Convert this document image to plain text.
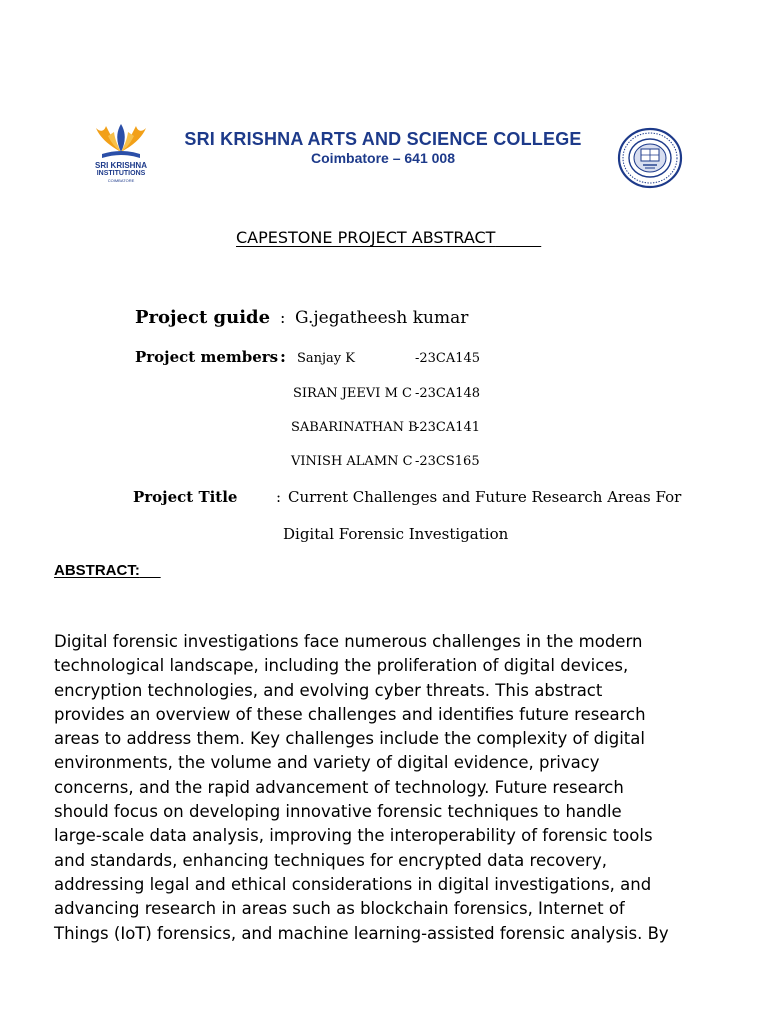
SRI KRISHNA
INSTITUTIONS
COIMBATORE
SRI KRISHNA ARTS AND SCIENCE COLLEGE
Coimbatore – 641 008
CAPESTONE PROJECT ABSTRACT
Project guide : G.jegatheesh kumar
Project members : Sanjay K	-23CA145
SIRAN JEEVI M C -23CA148
SABARINATHAN B
-23CA141
VINISH ALAMN C -23CS165
Project Title	: Current Challenges and Future Research Areas For
Digital Forensic Investigation
ABSTRACT:
Digital forensic investigations face numerous challenges in the modern
technological landscape, including the proliferation of digital devices,
encryption technologies, and evolving cyber threats. This abstract
provides an overview of these challenges and identifies future research
areas to address them. Key challenges include the complexity of digital
environments, the volume and variety of digital evidence, privacy
concerns, and the rapid advancement of technology. Future research
should focus on developing innovative forensic techniques to handle
large-scale data analysis, improving the interoperability of forensic tools
and standards, enhancing techniques for encrypted data recovery,
addressing legal and ethical considerations in digital investigations, and
advancing research in areas such as blockchain forensics, Internet of
Things (IoT) forensics, and machine learning-assisted forensic analysis. By
